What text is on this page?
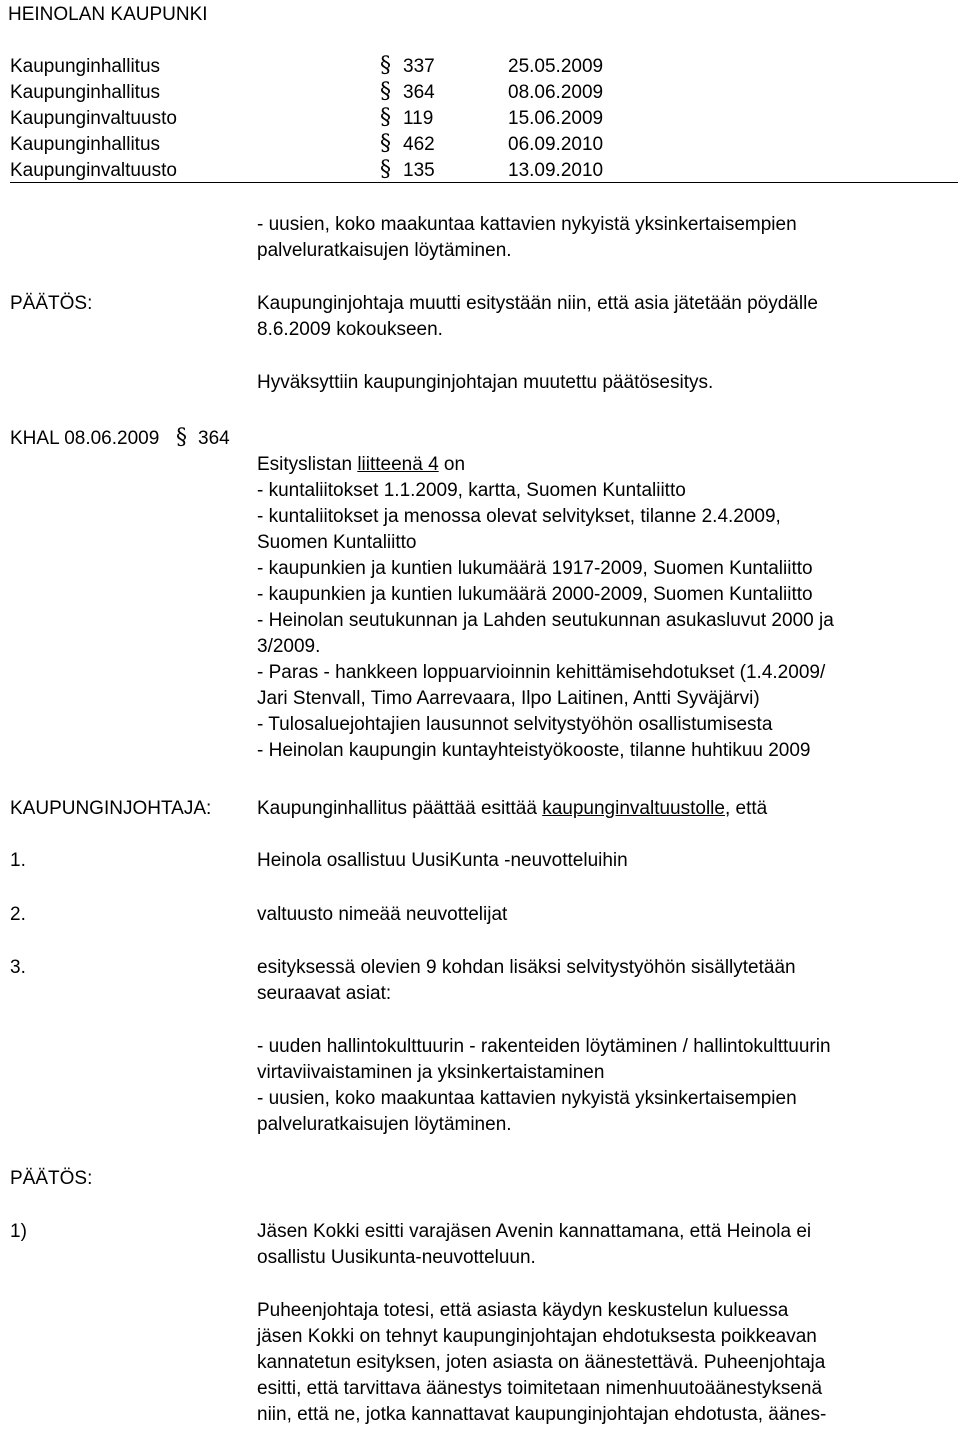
HEINOLAN KAUPUNKI
Kaupunginhallitus	§ 337	25.05.2009
Kaupunginhallitus	§ 364	08.06.2009
Kaupunginvaltuusto	§ 119	15.06.2009
Kaupunginhallitus	§ 462	06.09.2010
Kaupunginvaltuusto	§ 135	13.09.2010
- uusien, koko maakuntaa kattavien nykyistä yksinkertaisempien
palveluratkaisujen löytäminen.
PÄÄTÖS:	Kaupunginjohtaja muutti esitystään niin, että asia jätetään pöydälle
8.6.2009 kokoukseen.
Hyväksyttiin kaupunginjohtajan muutettu päätösesitys.
KHAL 08.06.2009 § 364
Esityslistan liitteenä 4 on
- kuntaliitokset 1.1.2009, kartta, Suomen Kuntaliitto
- kuntaliitokset ja menossa olevat selvitykset, tilanne 2.4.2009,
Suomen Kuntaliitto
- kaupunkien ja kuntien lukumäärä 1917-2009, Suomen Kuntaliitto
- kaupunkien ja kuntien lukumäärä 2000-2009, Suomen Kuntaliitto
- Heinolan seutukunnan ja Lahden seutukunnan asukasluvut 2000 ja
3/2009.
- Paras - hankkeen loppuarvioinnin kehittämisehdotukset (1.4.2009/
Jari Stenvall, Timo Aarrevaara, Ilpo Laitinen, Antti Syväjärvi)
- Tulosaluejohtajien lausunnot selvitystyöhön osallistumisesta
- Heinolan kaupungin kuntayhteistyökooste, tilanne huhtikuu 2009
KAUPUNGINJOHTAJA: Kaupunginhallitus päättää esittää kaupunginvaltuustolle, että
1.	Heinola osallistuu UusiKunta -neuvotteluihin
2.	valtuusto nimeää neuvottelijat
3.	esityksessä olevien 9 kohdan lisäksi selvitystyöhön sisällytetään
seuraavat asiat:
- uuden hallintokulttuurin - rakenteiden löytäminen / hallintokulttuurin
virtaviivaistaminen ja yksinkertaistaminen
- uusien, koko maakuntaa kattavien nykyistä yksinkertaisempien
palveluratkaisujen löytäminen.
PÄÄTÖS:
1)	Jäsen Kokki esitti varajäsen Avenin kannattamana, että Heinola ei
osallistu Uusikunta-neuvotteluun.
Puheenjohtaja totesi, että asiasta käydyn keskustelun kuluessa
jäsen Kokki on tehnyt kaupunginjohtajan ehdotuksesta poikkeavan
kannatetun esityksen, joten asiasta on äänestettävä. Puheenjohtaja
esitti, että tarvittava äänestys toimitetaan nimenhuutoäänestyksenä
niin, että ne, jotka kannattavat kaupunginjohtajan ehdotusta, äänes-
